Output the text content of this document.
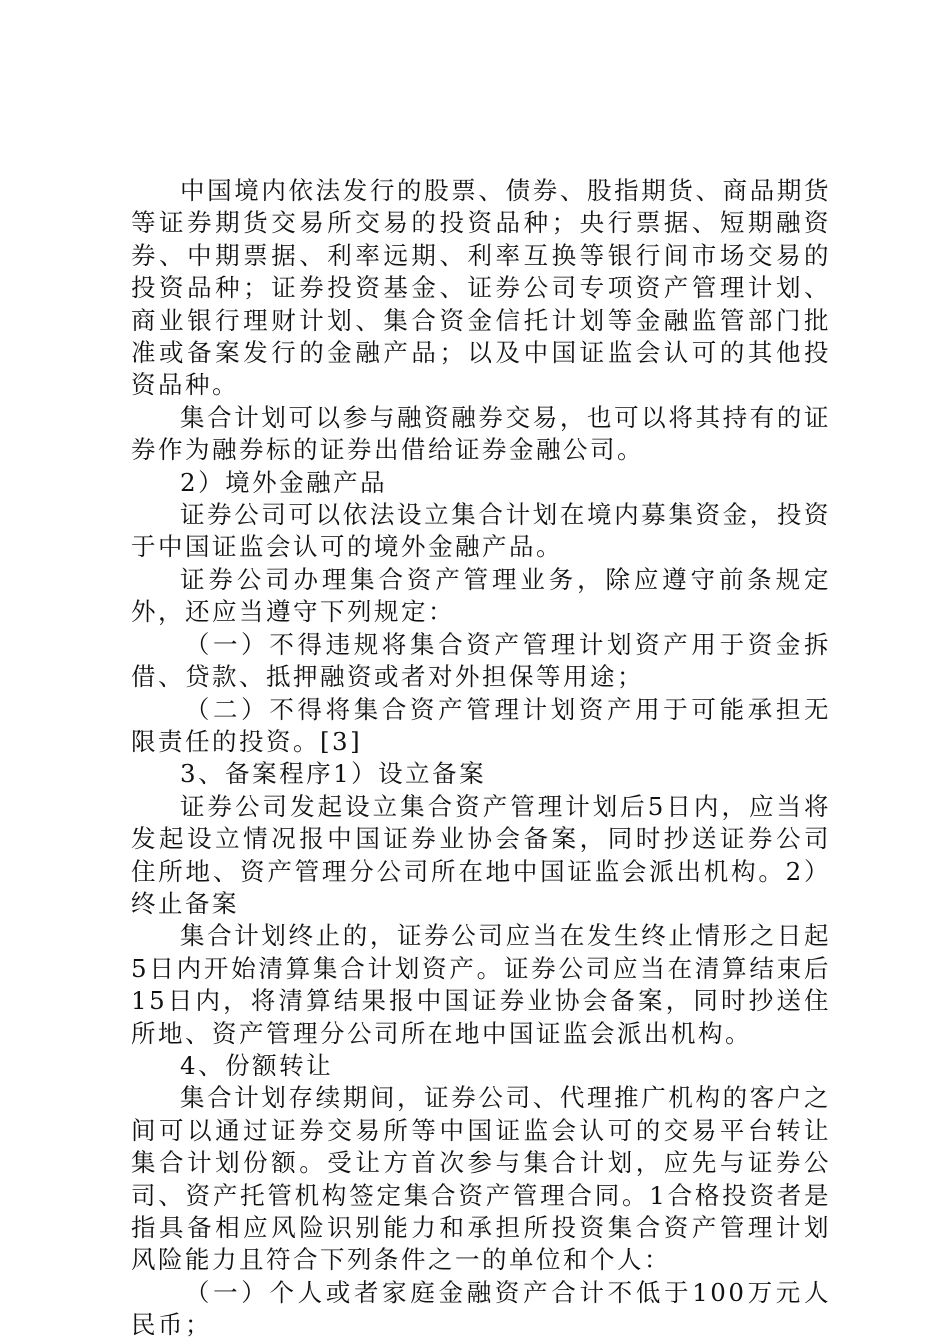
中国境内依法发行的股票、债券、股指期货、商品期货等证券期货交易所交易的投资品种；央行票据、短期融资券、中期票据、利率远期、利率互换等银行间市场交易的投资品种；证券投资基金、证券公司专项资产管理计划、商业银行理财计划、集合资金信托计划等金融监管部门批准或备案发行的金融产品；以及中国证监会认可的其他投资品种。

集合计划可以参与融资融券交易，也可以将其持有的证券作为融券标的证券出借给证券金融公司。

2）境外金融产品

证券公司可以依法设立集合计划在境内募集资金，投资于中国证监会认可的境外金融产品。

证券公司办理集合资产管理业务，除应遵守前条规定外，还应当遵守下列规定：

（一）不得违规将集合资产管理计划资产用于资金拆借、贷款、抵押融资或者对外担保等用途；

（二）不得将集合资产管理计划资产用于可能承担无限责任的投资。[3]

3、备案程序1）设立备案

证券公司发起设立集合资产管理计划后5日内，应当将发起设立情况报中国证券业协会备案，同时抄送证券公司住所地、资产管理分公司所在地中国证监会派出机构。2）终止备案

集合计划终止的，证券公司应当在发生终止情形之日起5日内开始清算集合计划资产。证券公司应当在清算结束后15日内，将清算结果报中国证券业协会备案，同时抄送住所地、资产管理分公司所在地中国证监会派出机构。

4、份额转让

集合计划存续期间，证券公司、代理推广机构的客户之间可以通过证券交易所等中国证监会认可的交易平台转让集合计划份额。受让方首次参与集合计划，应先与证券公司、资产托管机构签定集合资产管理合同。1合格投资者是指具备相应风险识别能力和承担所投资集合资产管理计划风险能力且符合下列条件之一的单位和个人：

（一）个人或者家庭金融资产合计不低于100万元人民币；
